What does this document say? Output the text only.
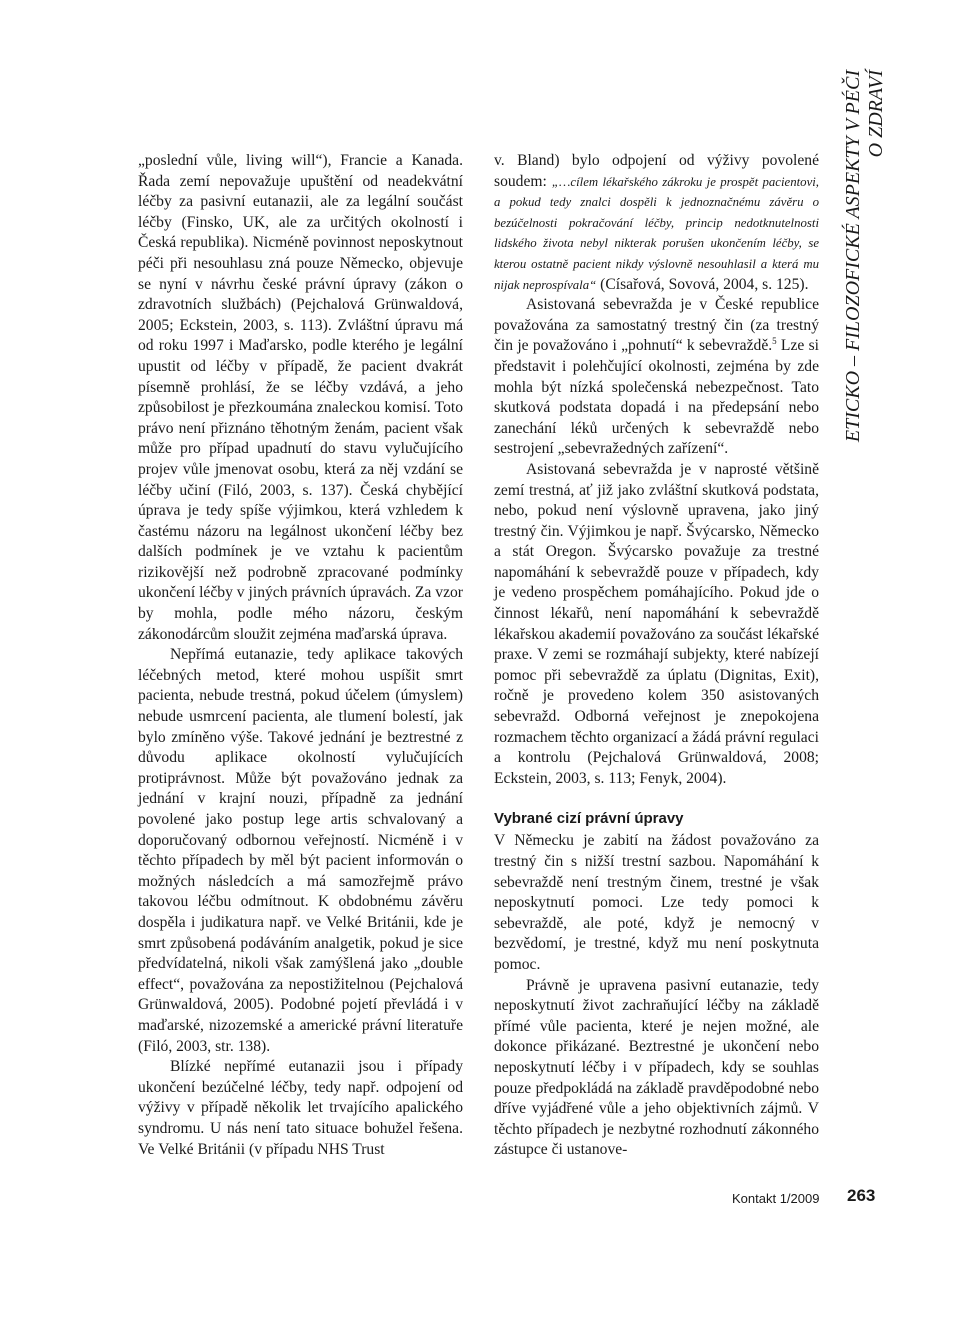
„poslední vůle, living will“), Francie a Kanada. Řada zemí nepovažuje upuštění od neadekvátní léčby za pasivní eutanazii, ale za legální součást léčby (Finsko, UK, ale za určitých okolností i Česká republika). Nicméně povinnost neposkytnout péči při nesouhlasu zná pouze Německo, objevuje se nyní v návrhu české právní úpravy (zákon o zdravotních službách) (Pejchalová Grünwaldová, 2005; Eckstein, 2003, s. 113). Zvláštní úpravu má od roku 1997 i Maďarsko, podle kterého je legální upustit od léčby v případě, že pacient dvakrát písemně prohlásí, že se léčby vzdává, a jeho způsobilost je přezkoumána znaleckou komisí. Toto právo není přiznáno těhotným ženám, pacient však může pro případ upadnutí do stavu vylučujícího projev vůle jmenovat osobu, která za něj vzdání se léčby učiní (Filó, 2003, s. 137). Česká chybějící úprava je tedy spíše výjimkou, která vzhledem k častému názoru na legálnost ukončení léčby bez dalších podmínek je ve vztahu k pacientům rizikovější než podrobně zpracované podmínky ukončení léčby v jiných právních úpravách. Za vzor by mohla, podle mého názoru, českým zákonodárcům sloužit zejména maďarská úprava.

Nepřímá eutanazie, tedy aplikace takových léčebných metod, které mohou uspíšit smrt pacienta, nebude trestná, pokud účelem (úmyslem) nebude usmrcení pacienta, ale tlumení bolestí, jak bylo zmíněno výše. Takové jednání je beztrestné z důvodu aplikace okolností vylučujících protiprávnost. Může být považováno jednak za jednání v krajní nouzi, případně za jednání povolené jako postup lege artis schvalovaný a doporučovaný odbornou veřejností. Nicméně i v těchto případech by měl být pacient informován o možných následcích a má samozřejmě právo takovou léčbu odmítnout. K obdobnému závěru dospěla i judikatura např. ve Velké Británii, kde je smrt způsobená podáváním analgetik, pokud je sice předvídatelná, nikoli však zamýšlená jako „double effect“, považována za nepostižitelnou (Pejchalová Grünwaldová, 2005). Podobné pojetí převládá i v maďarské, nizozemské a americké právní literatuře (Filó, 2003, str. 138).

Blízké nepřímé eutanazii jsou i případy ukončení bezúčelné léčby, tedy např. odpojení od výživy v případě několik let trvajícího apalického syndromu. U nás není tato situace bohužel řešena. Ve Velké Británii (v případu NHS Trust

v. Bland) bylo odpojení od výživy povolené soudem: „…cílem lékařského zákroku je prospět pacientovi, a pokud tedy znalci dospěli k jednoznačnému závěru o bezúčelnosti pokračování léčby, princip nedotknutelnosti lidského života nebyl nikterak porušen ukončením léčby, se kterou ostatně pacient nikdy výslovně nesouhlasil a která mu nijak neprospívala“ (Císařová, Sovová, 2004, s. 125).

Asistovaná sebevražda je v České republice považována za samostatný trestný čin (za trestný čin je považováno i „pohnutí“ k sebevraždě.$^5$ Lze si představit i polehčující okolnosti, zejména by zde mohla být nízká společenská nebezpečnost. Tato skutková podstata dopadá i na předepsání nebo zanechání léků určených k sebevraždě nebo sestrojení „sebevražedných zařízení“.

Asistovaná sebevražda je v naprosté většině zemí trestná, ať již jako zvláštní skutková podstata, nebo, pokud není výslovně upravena, jako jiný trestný čin. Výjimkou je např. Švýcarsko, Německo a stát Oregon. Švýcarsko považuje za trestné napomáhání k sebevraždě pouze v případech, kdy je vedeno prospěchem pomáhajícího. Pokud jde o činnost lékařů, není napomáhání k sebevraždě lékařskou akademií považováno za součást lékařské praxe. V zemi se rozmáhají subjekty, které nabízejí pomoc při sebevraždě za úplatu (Dignitas, Exit), ročně je provedeno kolem 350 asistovaných sebevražd. Odborná veřejnost je znepokojena rozmachem těchto organizací a žádá právní regulaci a kontrolu (Pejchalová Grünwaldová, 2008; Eckstein, 2003, s. 113; Fenyk, 2004).

Vybrané cizí právní úpravy

V Německu je zabití na žádost považováno za trestný čin s nižší trestní sazbou. Napomáhání k sebevraždě není trestným činem, trestné je však neposkytnutí pomoci. Lze tedy pomoci k sebevraždě, ale poté, když je nemocný v bezvědomí, je trestné, když mu není poskytnuta pomoc.

Právně je upravena pasivní eutanazie, tedy neposkytnutí život zachraňující léčby na základě přímé vůle pacienta, které je nejen možné, ale dokonce přikázané. Beztrestné je ukončení nebo neposkytnutí léčby i v případech, kdy se souhlas pouze předpokládá na základě pravděpodobné nebo dříve vyjádřené vůle a jeho objektivních zájmů. V těchto případech je nezbytné rozhodnutí zákonného zástupce či ustanove-

ETICKO – FILOZOFICKÉ ASPEKTY V PÉČI O ZDRAVÍ
Kontakt 1/2009 263
